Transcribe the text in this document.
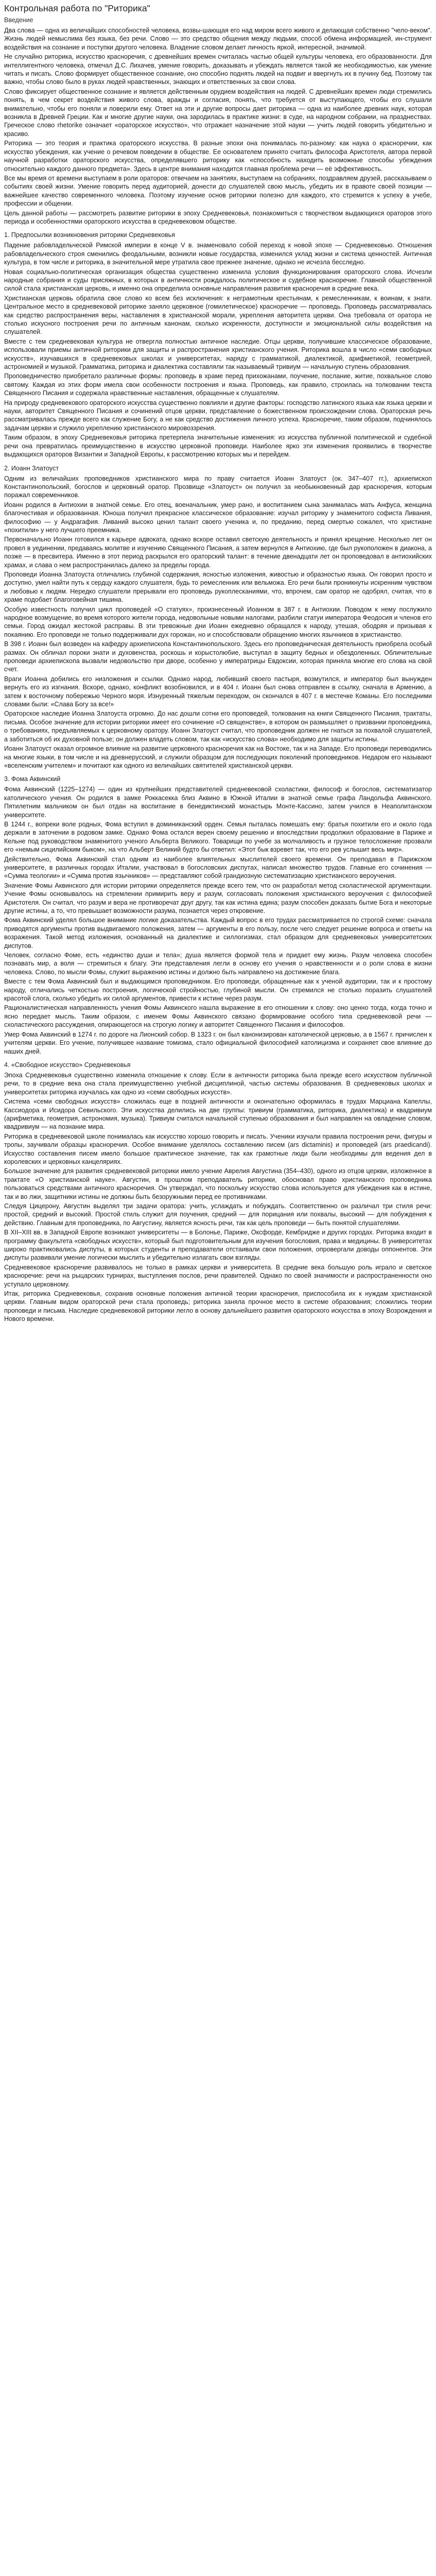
Контрольная работа по "Риторика"
Введение

Два слова — одна из величайших способностей человека, возвы-шающая его над миром всего живого и делающая собственно "чело-веком". Жизнь людей немыслима без языка, без речи. Слово — это средство общения между людьми, способ обмена информацией, ин-струмент воздействия на сознание и поступки другого человека. Владение словом делает личность яркой, интересной, значимой.

Не случайно риторика, искусство красноречия, с древнейших времен считалась частью общей культуры человека, его образованности. Для интеллигентного человека, отмечал Д.С. Лихачев, умение говорить, доказывать и убеждать является такой же необходимостью, как умение читать и писать. Слово формирует общественное сознание, оно способно поднять людей на подвиг и ввергнуть их в пучину бед. Поэтому так важно, чтобы слово было в руках людей нравственных, знающих и ответственных за свои слова.

Слово фиксирует общественное сознание и является действенным орудием воздействия на людей. С древнейших времен люди стремились понять, в чем секрет воздействия живого слова, вражды и согласия, понять, что требуется от выступающего, чтобы его слушали внимательно, чтобы его поняли и поверили ему. Ответ на эти и другие вопросы дает риторика — одна из наиболее древних наук, которая возникла в Древней Греции. Как и многие другие науки, она зародилась в практике жизни: в суде, на народном собрании, на празднествах. Греческое слово rhetorike означает «ораторское искусство», что отражает назначение этой науки — учить людей говорить убедительно и красиво.

Риторика — это теория и практика ораторского искусства. В разные эпохи она понималась по-разному: как наука о красноречии, как искусство убеждения, как учение о речевом поведении в обществе. Ее основателем принято считать философа Аристотеля, автора первой научной разработки ораторского искусства, определявшего риторику как «способность находить возможные способы убеждения относительно каждого данного предмета». Здесь в центре внимания находится главная проблема речи — её эффективность.

Все мы время от времени выступаем в роли ораторов: отвечаем на занятиях, выступаем на собраниях, поздравляем друзей, рассказываем о событиях своей жизни. Умение говорить перед аудиторией, донести до слушателей свою мысль, убедить их в правоте своей позиции — важнейшее качество современного человека. Поэтому изучение основ риторики полезно для каждого, кто стремится к успеху в учебе, профессии и общении.

Цель данной работы — рассмотреть развитие риторики в эпоху Средневековья, познакомиться с творчеством выдающихся ораторов этого периода и особенностями ораторского искусства в средневековом обществе.

1. Предпосылки возникновения риторики Средневековья

Падение рабовладельческой Римской империи в конце V в. знаменовало собой переход к новой эпохе — Средневековью. Отношения рабовладельческого строя сменились феодальными, возникли новые государства, изменился уклад жизни и система ценностей. Античная культура, в том числе и риторика, в значительной мере утратила свое прежнее значение, однако не исчезла бесследно.

Новая социально-политическая организация общества существенно изменила условия функционирования ораторского слова. Исчезли народные собрания и суды присяжных, в которых в античности рождалось политическое и судебное красноречие. Главной общественной силой стала христианская церковь, и именно она определила основные направления развития красноречия в средние века.

Христианская церковь обратила свое слово ко всем без исключения: к неграмотным крестьянам, к ремесленникам, к воинам, к знати. Центральное место в средневековой риторике заняло церковное (гомилетическое) красноречие — проповедь. Проповедь рассматривалась как средство распространения веры, наставления в христианской морали, укрепления авторитета церкви. Она требовала от оратора не столько искусного построения речи по античным канонам, сколько искренности, доступности и эмоциональной силы воздействия на слушателей.

Вместе с тем средневековая культура не отвергла полностью античное наследие. Отцы церкви, получившие классическое образование, использовали приемы античной риторики для защиты и распространения христианского учения. Риторика вошла в число «семи свободных искусств», изучавшихся в средневековых школах и университетах, наряду с грамматикой, диалектикой, арифметикой, геометрией, астрономией и музыкой. Грамматика, риторика и диалектика составляли так называемый тривиум — начальную ступень образования.

Проповедничество приобретало различные формы: проповедь в храме перед прихожанами, поучение, послание, житие, похвальное слово святому. Каждая из этих форм имела свои особенности построения и языка. Проповедь, как правило, строилась на толковании текста Священного Писания и содержала нравственные наставления, обращенные к слушателям.

На природу средневекового ораторского искусства существенно повлияли и другие факторы: господство латинского языка как языка церкви и науки, авторитет Священного Писания и сочинений отцов церкви, представление о божественном происхождении слова. Ораторская речь рассматривалась прежде всего как служение Богу, а не как средство достижения личного успеха. Красноречие, таким образом, подчинялось задачам церкви и служило укреплению христианского мировоззрения.

Таким образом, в эпоху Средневековья риторика претерпела значительные изменения: из искусства публичной политической и судебной речи она превратилась преимущественно в искусство церковной проповеди. Наиболее ярко эти изменения проявились в творчестве выдающихся ораторов Византии и Западной Европы, к рассмотрению которых мы и перейдем.

2. Иоанн Златоуст

Одним из величайших проповедников христианского мира по праву считается Иоанн Златоуст (ок. 347–407 гг.), архиепископ Константинопольский, богослов и церковный оратор. Прозвище «Златоуст» он получил за необыкновенный дар красноречия, которым поражал современников.

Иоанн родился в Антиохии в знатной семье. Его отец, военачальник, умер рано, и воспитанием сына занималась мать Анфуса, женщина благочестивая и образованная. Юноша получил прекрасное классическое образование: изучал риторику у знаменитого софиста Ливания, философию — у Андрагафия. Ливаний высоко ценил талант своего ученика и, по преданию, перед смертью сожалел, что христиане «похитили» у него лучшего преемника.

Первоначально Иоанн готовился к карьере адвоката, однако вскоре оставил светскую деятельность и принял крещение. Несколько лет он провел в уединении, предаваясь молитве и изучению Священного Писания, а затем вернулся в Антиохию, где был рукоположен в диакона, а позже — в пресвитера. Именно в этот период раскрылся его ораторский талант: в течение двенадцати лет он проповедовал в антиохийских храмах, и слава о нем распространилась далеко за пределы города.

Проповеди Иоанна Златоуста отличались глубиной содержания, ясностью изложения, живостью и образностью языка. Он говорил просто и доступно, умел найти путь к сердцу каждого слушателя, будь то ремесленник или вельможа. Его речи были проникнуты искренним чувством и любовью к людям. Нередко слушатели прерывали его проповедь рукоплесканиями, что, впрочем, сам оратор не одобрял, считая, что в храме подобает благоговейная тишина.

Особую известность получил цикл проповедей «О статуях», произнесенный Иоанном в 387 г. в Антиохии. Поводом к нему послужило народное возмущение, во время которого жители города, недовольные новыми налогами, разбили статуи императора Феодосия и членов его семьи. Город ожидал жестокой расправы. В эти тревожные дни Иоанн ежедневно обращался к народу, утешая, ободряя и призывая к покаянию. Его проповеди не только поддерживали дух горожан, но и способствовали обращению многих язычников в христианство.

В 398 г. Иоанн был возведен на кафедру архиепископа Константинопольского. Здесь его проповедническая деятельность приобрела особый размах. Он обличал пороки знати и духовенства, роскошь и корыстолюбие, выступал в защиту бедных и обездоленных. Обличительные проповеди архиепископа вызвали недовольство при дворе, особенно у императрицы Евдоксии, которая приняла многие его слова на свой счет.

Враги Иоанна добились его низложения и ссылки. Однако народ, любивший своего пастыря, возмутился, и император был вынужден вернуть его из изгнания. Вскоре, однако, конфликт возобновился, и в 404 г. Иоанн был снова отправлен в ссылку, сначала в Армению, а затем к восточному побережью Черного моря. Изнуренный тяжелым переходом, он скончался в 407 г. в местечке Команы. Его последними словами были: «Слава Богу за все!»

Ораторское наследие Иоанна Златоуста огромно. До нас дошли сотни его проповедей, толкования на книги Священного Писания, трактаты, письма. Особое значение для истории риторики имеет его сочинение «О священстве», в котором он размышляет о призвании проповедника, о требованиях, предъявляемых к церковному оратору. Иоанн Златоуст считал, что проповедник должен не гнаться за похвалой слушателей, а заботиться об их духовной пользе; он должен владеть словом, так как «искусство слова» необходимо для защиты истины.

Иоанн Златоуст оказал огромное влияние на развитие церковного красноречия как на Востоке, так и на Западе. Его проповеди переводились на многие языки, в том числе и на древнерусский, и служили образцом для последующих поколений проповедников. Недаром его называют «вселенским учителем» и почитают как одного из величайших святителей христианской церкви.

3. Фома Аквинский

Фома Аквинский (1225–1274) — один из крупнейших представителей средневековой схоластики, философ и богослов, систематизатор католического учения. Он родился в замке Роккасекка близ Аквино в Южной Италии в знатной семье графа Ландольфа Аквинского. Пятилетним мальчиком он был отдан на воспитание в бенедиктинский монастырь Монте-Кассино, затем учился в Неаполитанском университете.

В 1244 г., вопреки воле родных, Фома вступил в доминиканский орден. Семья пыталась помешать ему: братья похитили его и около года держали в заточении в родовом замке. Однако Фома остался верен своему решению и впоследствии продолжил образование в Париже и Кельне под руководством знаменитого ученого Альберта Великого. Товарищи по учебе за молчаливость и грузное телосложение прозвали его «немым сицилийским быком», на что Альберт Великий будто бы ответил: «Этот бык взревет так, что его рев услышит весь мир».

Действительно, Фома Аквинский стал одним из наиболее влиятельных мыслителей своего времени. Он преподавал в Парижском университете, в различных городах Италии, участвовал в богословских диспутах, написал множество трудов. Главные его сочинения — «Сумма теологии» и «Сумма против язычников» — представляют собой грандиозную систематизацию христианского вероучения.

Значение Фомы Аквинского для истории риторики определяется прежде всего тем, что он разработал метод схоластической аргументации. Учение Фомы основывалось на стремлении примирить веру и разум, согласовать положения христианского вероучения с философией Аристотеля. Он считал, что разум и вера не противоречат друг другу, так как истина едина; разум способен доказать бытие Бога и некоторые другие истины, а то, что превышает возможности разума, познается через откровение.

Фома Аквинский уделял большое внимание логике доказательства. Каждый вопрос в его трудах рассматривается по строгой схеме: сначала приводятся аргументы против выдвигаемого положения, затем — аргументы в его пользу, после чего следует решение вопроса и ответы на возражения. Такой метод изложения, основанный на диалектике и силлогизмах, стал образцом для средневековых университетских диспутов.

Человек, согласно Фоме, есть «единство души и тела»; душа является формой тела и придает ему жизнь. Разум человека способен познавать мир, а воля — стремиться к благу. Эти представления легли в основу его учения о нравственности и о роли слова в жизни человека. Слово, по мысли Фомы, служит выражению истины и должно быть направлено на достижение блага.

Вместе с тем Фома Аквинский был и выдающимся проповедником. Его проповеди, обращенные как к ученой аудитории, так и к простому народу, отличались четкостью построения, логической стройностью, глубиной мысли. Он стремился не столько поразить слушателей красотой слога, сколько убедить их силой аргументов, привести к истине через разум.

Рационалистическая направленность учения Фомы Аквинского нашла выражение в его отношении к слову: оно ценно тогда, когда точно и ясно передает мысль. Таким образом, с именем Фомы Аквинского связано формирование особого типа средневековой речи — схоластического рассуждения, опирающегося на строгую логику и авторитет Священного Писания и философов.

Умер Фома Аквинский в 1274 г. по дороге на Лионский собор. В 1323 г. он был канонизирован католической церковью, а в 1567 г. причислен к учителям церкви. Его учение, получившее название томизма, стало официальной философией католицизма и сохраняет свое влияние до наших дней.

4. «Свободное искусство» Средневековья

Эпоха Средневековья существенно изменила отношение к слову. Если в античности риторика была прежде всего искусством публичной речи, то в средние века она стала преимущественно учебной дисциплиной, частью системы образования. В средневековых школах и университетах риторика изучалась как одно из «семи свободных искусств».

Система «семи свободных искусств» сложилась еще в поздней античности и окончательно оформилась в трудах Марциана Капеллы, Кассиодора и Исидора Севильского. Эти искусства делились на две группы: тривиум (грамматика, риторика, диалектика) и квадривиум (арифметика, геометрия, астрономия, музыка). Тривиум считался начальной ступенью образования и был направлен на овладение словом, квадривиум — на познание мира.

Риторика в средневековой школе понималась как искусство хорошо говорить и писать. Ученики изучали правила построения речи, фигуры и тропы, заучивали образцы красноречия. Особое внимание уделялось составлению писем (ars dictaminis) и проповедей (ars praedicandi). Искусство составления писем имело большое практическое значение, так как грамотные люди были необходимы для ведения дел в королевских и церковных канцеляриях.

Большое значение для развития средневековой риторики имело учение Аврелия Августина (354–430), одного из отцов церкви, изложенное в трактате «О христианской науке». Августин, в прошлом преподаватель риторики, обосновал право христианского проповедника пользоваться средствами античного красноречия. Он утверждал, что поскольку искусство слова используется для убеждения как в истине, так и во лжи, защитники истины не должны быть безоружными перед ее противниками.

Следуя Цицерону, Августин выделял три задачи оратора: учить, услаждать и побуждать. Соответственно он различал три стиля речи: простой, средний и высокий. Простой стиль служит для поучения, средний — для порицания или похвалы, высокий — для побуждения к действию. Главным для проповедника, по Августину, является ясность речи, так как цель проповеди — быть понятой слушателями.

В XII–XIII вв. в Западной Европе возникают университеты — в Болонье, Париже, Оксфорде, Кембридже и других городах. Риторика входит в программу факультета «свободных искусств», который был подготовительным для изучения богословия, права и медицины. В университетах широко практиковались диспуты, в которых студенты и преподаватели отстаивали свои положения, опровергали доводы оппонентов. Эти диспуты развивали умение логически мыслить и убедительно излагать свои взгляды.

Средневековое красноречие развивалось не только в рамках церкви и университета. В средние века большую роль играло и светское красноречие: речи на рыцарских турнирах, выступления послов, речи правителей. Однако по своей значимости и распространенности оно уступало церковному.

Итак, риторика Средневековья, сохранив основные положения античной теории красноречия, приспособила их к нуждам христианской церкви. Главным видом ораторской речи стала проповедь; риторика заняла прочное место в системе образования; сложились теории проповеди и письма. Наследие средневековой риторики легло в основу дальнейшего развития ораторского искусства в эпоху Возрождения и Нового времени.
